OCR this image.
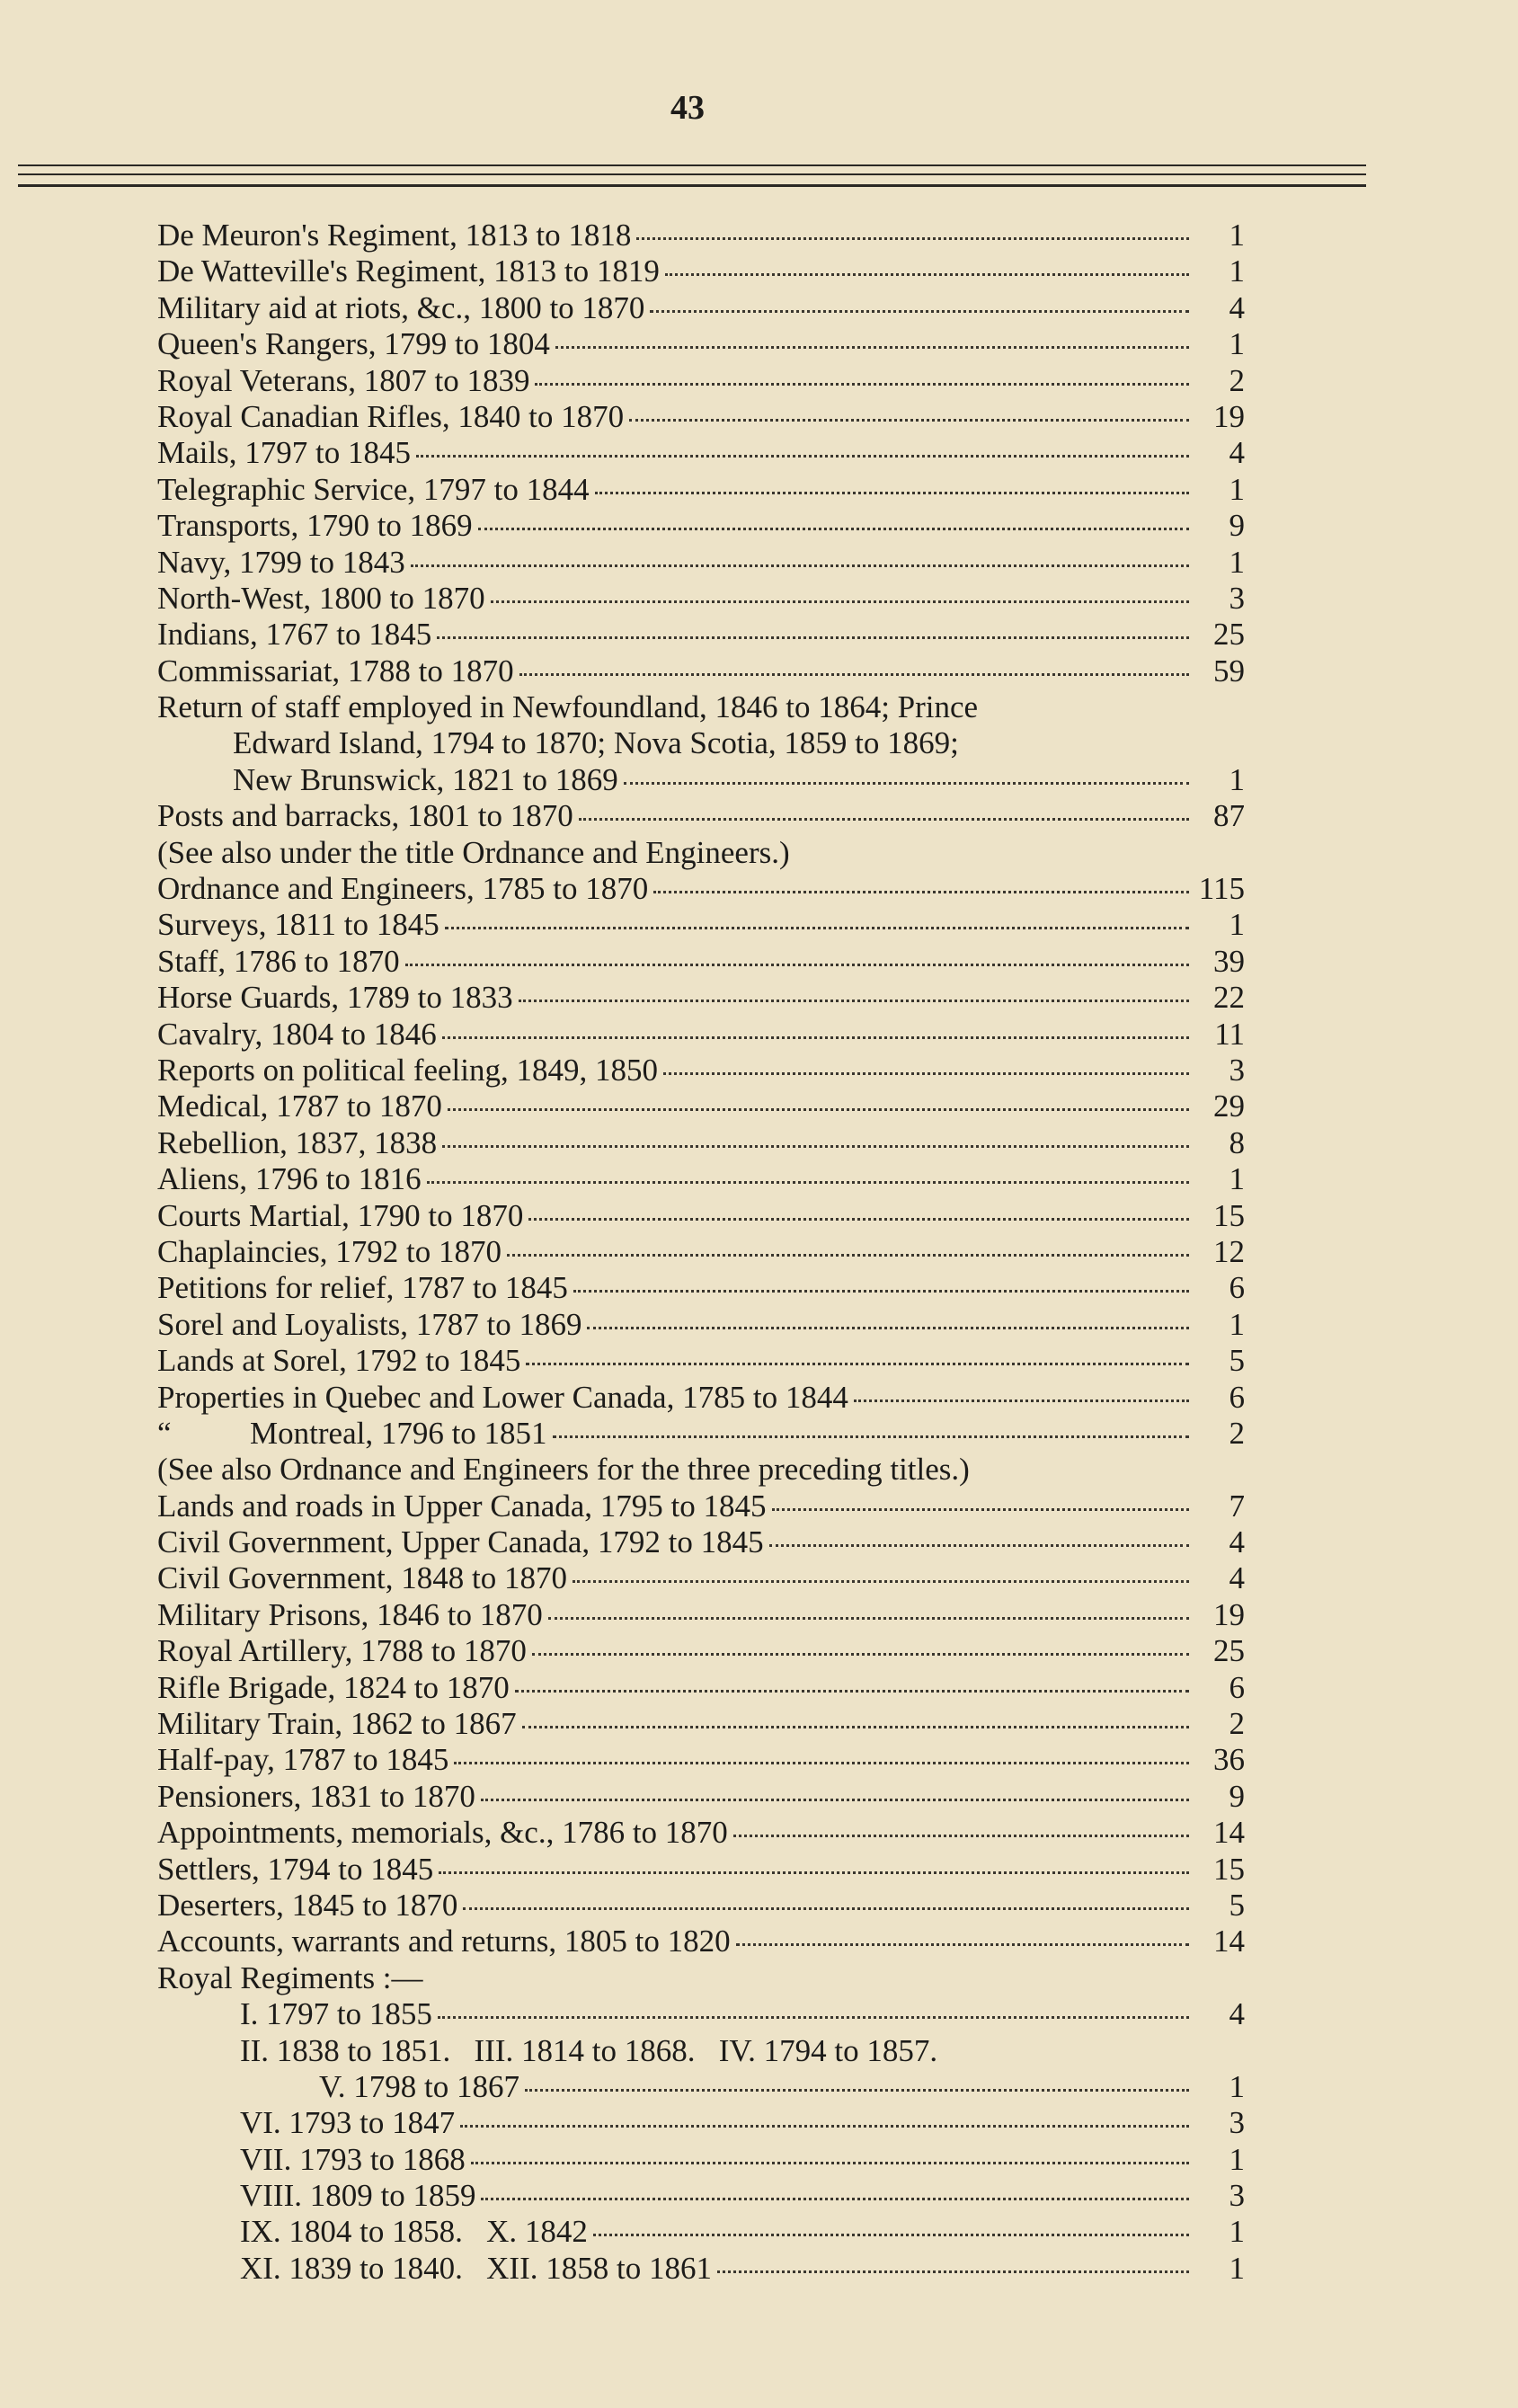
43
De Meuron's Regiment, 1813 to 1818	1
De Watteville's Regiment, 1813 to 1819	1
Military aid at riots, &c., 1800 to 1870	4
Queen's Rangers, 1799 to 1804	1
Royal Veterans, 1807 to 1839	2
Royal Canadian Rifles, 1840 to 1870	19
Mails, 1797 to 1845	4
Telegraphic Service, 1797 to 1844	1
Transports, 1790 to 1869	9
Navy, 1799 to 1843	1
North-West, 1800 to 1870	3
Indians, 1767 to 1845	25
Commissariat, 1788 to 1870	59
Return of staff employed in Newfoundland, 1846 to 1864; Prince
Edward Island, 1794 to 1870; Nova Scotia, 1859 to 1869;
New Brunswick, 1821 to 1869	1
Posts and barracks, 1801 to 1870	87
(See also under the title Ordnance and Engineers.)
Ordnance and Engineers, 1785 to 1870	115
Surveys, 1811 to 1845	1
Staff, 1786 to 1870	39
Horse Guards, 1789 to 1833	22
Cavalry, 1804 to 1846	11
Reports on political feeling, 1849, 1850	3
Medical, 1787 to 1870	29
Rebellion, 1837, 1838	8
Aliens, 1796 to 1816	1
Courts Martial, 1790 to 1870	15
Chaplaincies, 1792 to 1870	12
Petitions for relief, 1787 to 1845	6
Sorel and Loyalists, 1787 to 1869	1
Lands at Sorel, 1792 to 1845	5
Properties in Quebec and Lower Canada, 1785 to 1844	6
“          Montreal, 1796 to 1851	2
(See also Ordnance and Engineers for the three preceding titles.)
Lands and roads in Upper Canada, 1795 to 1845	7
Civil Government, Upper Canada, 1792 to 1845	4
Civil Government, 1848 to 1870	4
Military Prisons, 1846 to 1870	19
Royal Artillery, 1788 to 1870	25
Rifle Brigade, 1824 to 1870	6
Military Train, 1862 to 1867	2
Half-pay, 1787 to 1845	36
Pensioners, 1831 to 1870	9
Appointments, memorials, &c., 1786 to 1870	14
Settlers, 1794 to 1845	15
Deserters, 1845 to 1870	5
Accounts, warrants and returns, 1805 to 1820	14
Royal Regiments :—
I. 1797 to 1855	4
II. 1838 to 1851.   III. 1814 to 1868.   IV. 1794 to 1857.
V. 1798 to 1867	1
VI. 1793 to 1847	3
VII. 1793 to 1868	1
VIII. 1809 to 1859	3
IX. 1804 to 1858.   X. 1842	1
XI. 1839 to 1840.   XII. 1858 to 1861	1
